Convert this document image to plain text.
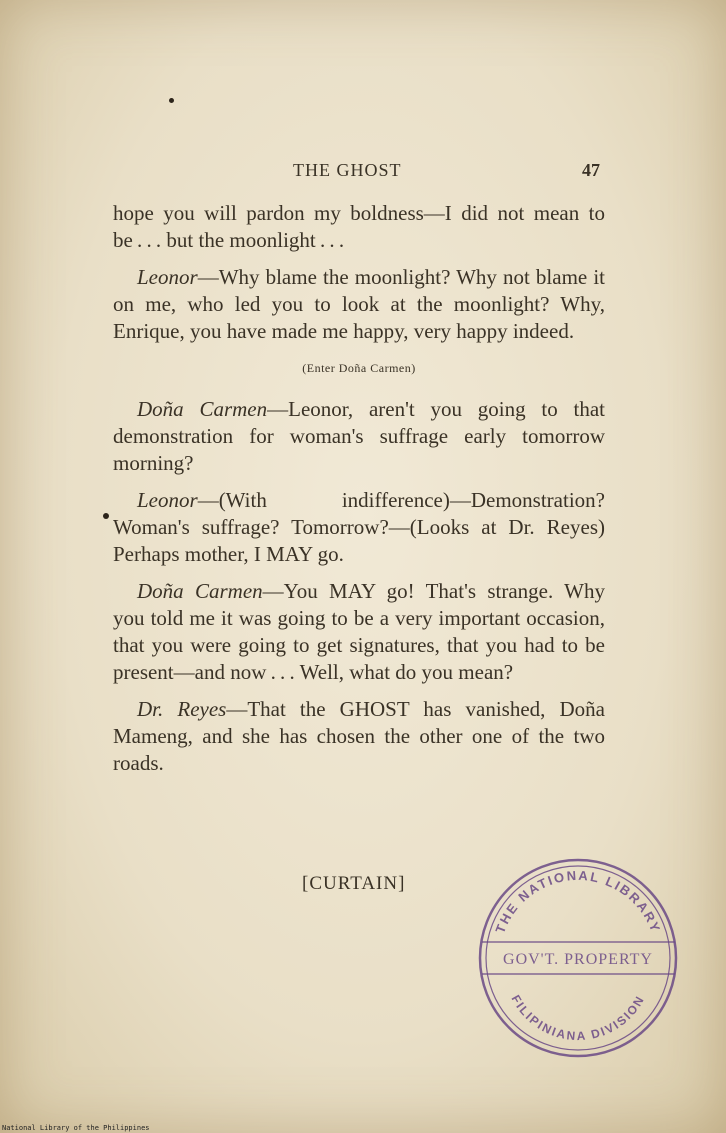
THE GHOST	47

hope you will pardon my boldness—I did not mean to be . . . but the moonlight . . .

Leonor—Why blame the moonlight? Why not blame it on me, who led you to look at the moonlight? Why, Enrique, you have made me happy, very happy indeed.

(Enter Doña Carmen)

Doña Carmen—Leonor, aren't you going to that demonstration for woman's suffrage early tomorrow morning?

Leonor—(With indifference)—Demonstration? Woman's suffrage? Tomorrow?—(Looks at Dr. Reyes) Perhaps mother, I MAY go.

Doña Carmen—You MAY go! That's strange. Why you told me it was going to be a very important occasion, that you were going to get signatures, that you had to be present—and now . . . Well, what do you mean?

Dr. Reyes—That the GHOST has vanished, Doña Mameng, and she has chosen the other one of the two roads.

[CURTAIN]
THE NATIONAL LIBRARY
GOV'T. PROPERTY
FILIPINIANA DIVISION
National Library of the Philippines
